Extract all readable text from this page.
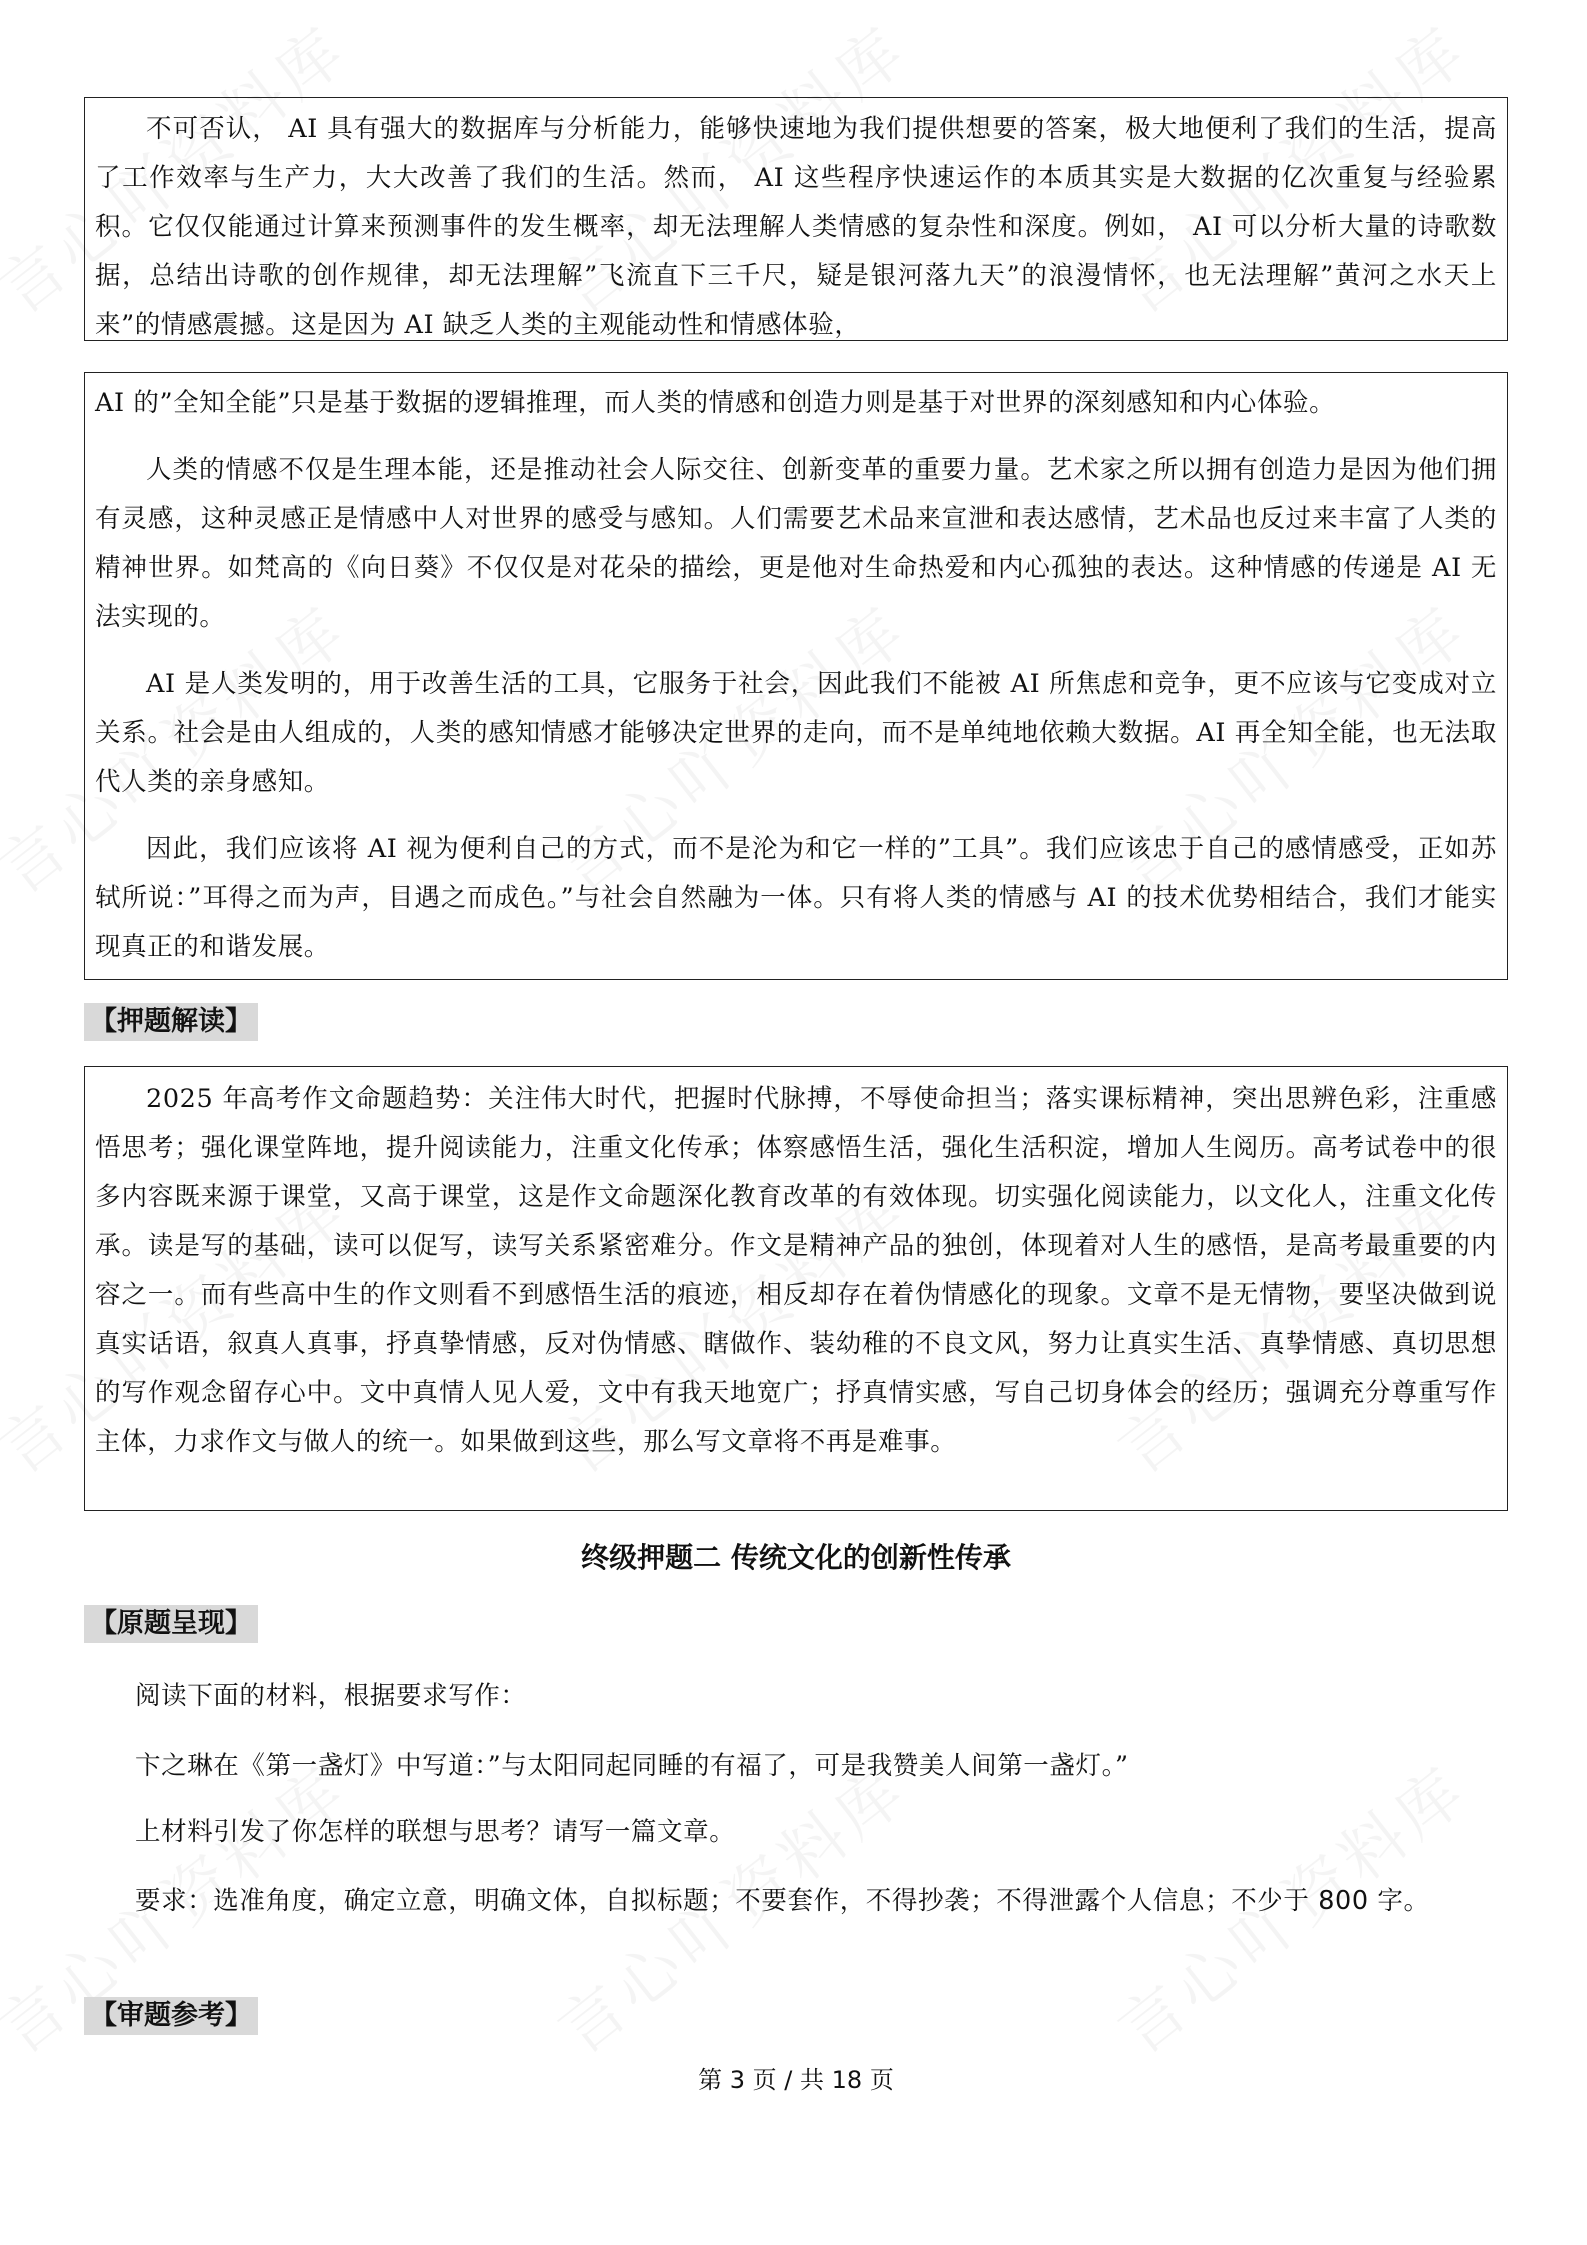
不可否认， AI 具有强大的数据库与分析能力，能够快速地为我们提供想要的答案，极大地便利了我们的生活，提高了工作效率与生产力，大大改善了我们的生活。然而， AI 这些程序快速运作的本质其实是大数据的亿次重复与经验累积。它仅仅能通过计算来预测事件的发生概率，却无法理解人类情感的复杂性和深度。例如， AI 可以分析大量的诗歌数据，总结出诗歌的创作规律，却无法理解”飞流直下三千尺，疑是银河落九天”的浪漫情怀，也无法理解”黄河之水天上来”的情感震撼。这是因为 AI 缺乏人类的主观能动性和情感体验，

AI 的”全知全能”只是基于数据的逻辑推理，而人类的情感和创造力则是基于对世界的深刻感知和内心体验。

人类的情感不仅是生理本能，还是推动社会人际交往、创新变革的重要力量。艺术家之所以拥有创造力是因为他们拥有灵感，这种灵感正是情感中人对世界的感受与感知。人们需要艺术品来宣泄和表达感情，艺术品也反过来丰富了人类的精神世界。如梵高的《向日葵》不仅仅是对花朵的描绘，更是他对生命热爱和内心孤独的表达。这种情感的传递是 AI 无法实现的。

AI 是人类发明的，用于改善生活的工具，它服务于社会，因此我们不能被 AI 所焦虑和竞争，更不应该与它变成对立关系。社会是由人组成的，人类的感知情感才能够决定世界的走向，而不是单纯地依赖大数据。AI 再全知全能，也无法取代人类的亲身感知。

因此，我们应该将 AI 视为便利自己的方式，而不是沦为和它一样的”工具”。我们应该忠于自己的感情感受，正如苏轼所说：”耳得之而为声，目遇之而成色。”与社会自然融为一体。只有将人类的情感与 AI 的技术优势相结合，我们才能实现真正的和谐发展。

【押题解读】

2025 年高考作文命题趋势：关注伟大时代，把握时代脉搏，不辱使命担当；落实课标精神，突出思辨色彩，注重感悟思考；强化课堂阵地，提升阅读能力，注重文化传承；体察感悟生活，强化生活积淀，增加人生阅历。高考试卷中的很多内容既来源于课堂，又高于课堂，这是作文命题深化教育改革的有效体现。切实强化阅读能力，以文化人，注重文化传承。读是写的基础，读可以促写，读写关系紧密难分。作文是精神产品的独创，体现着对人生的感悟，是高考最重要的内容之一。而有些高中生的作文则看不到感悟生活的痕迹，相反却存在着伪情感化的现象。文章不是无情物，要坚决做到说真实话语，叙真人真事，抒真挚情感，反对伪情感、瞎做作、装幼稚的不良文风，努力让真实生活、真挚情感、真切思想的写作观念留存心中。文中真情人见人爱，文中有我天地宽广；抒真情实感，写自己切身体会的经历；强调充分尊重写作主体，力求作文与做人的统一。如果做到这些，那么写文章将不再是难事。

终级押题二 传统文化的创新性传承
【原题呈现】

阅读下面的材料，根据要求写作：

卞之琳在《第一盏灯》中写道：”与太阳同起同睡的有福了，可是我赞美人间第一盏灯。”

上材料引发了你怎样的联想与思考？请写一篇文章。

要求：选准角度，确定立意，明确文体，自拟标题；不要套作，不得抄袭；不得泄露个人信息；不少于 800 字。

【审题参考】
第 3 页 / 共 18 页
